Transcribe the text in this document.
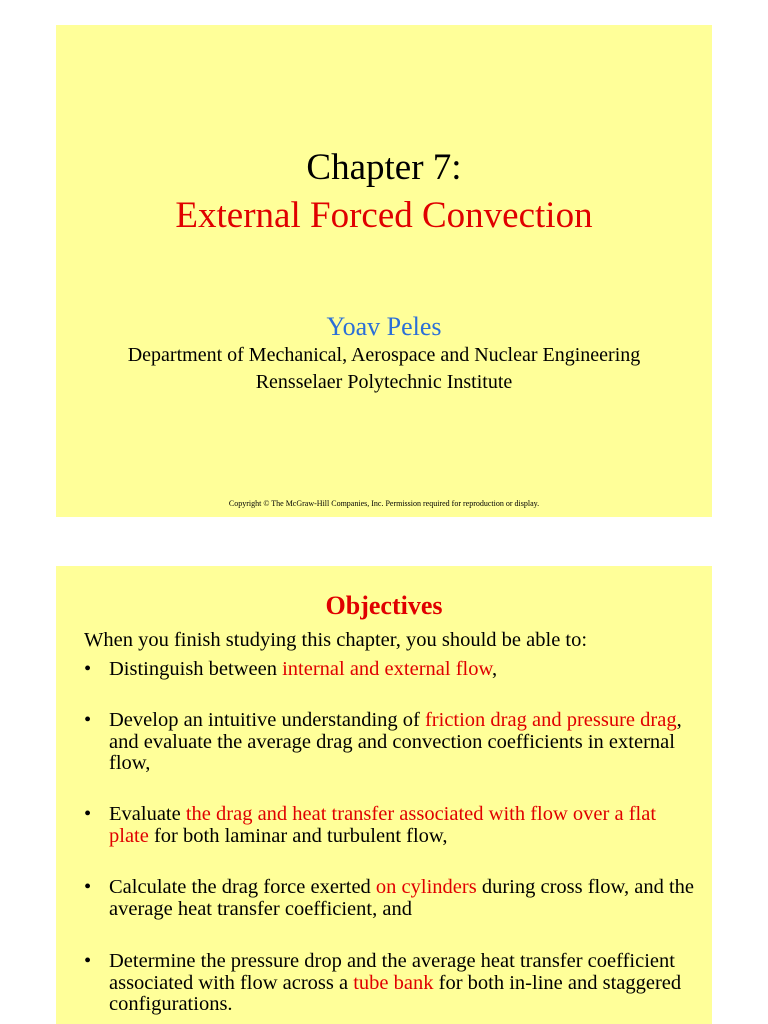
Chapter 7:
External Forced Convection
Yoav Peles
Department of Mechanical, Aerospace and Nuclear Engineering
Rensselaer Polytechnic Institute
Copyright © The McGraw-Hill Companies, Inc. Permission required for reproduction or display.
Objectives
When you finish studying this chapter, you should be able to:
• Distinguish between internal and external flow,
• Develop an intuitive understanding of friction drag and pressure drag, and evaluate the average drag and convection coefficients in external flow,
• Evaluate the drag and heat transfer associated with flow over a flat plate for both laminar and turbulent flow,
• Calculate the drag force exerted on cylinders during cross flow, and the average heat transfer coefficient, and
• Determine the pressure drop and the average heat transfer coefficient associated with flow across a tube bank for both in-line and staggered configurations.
